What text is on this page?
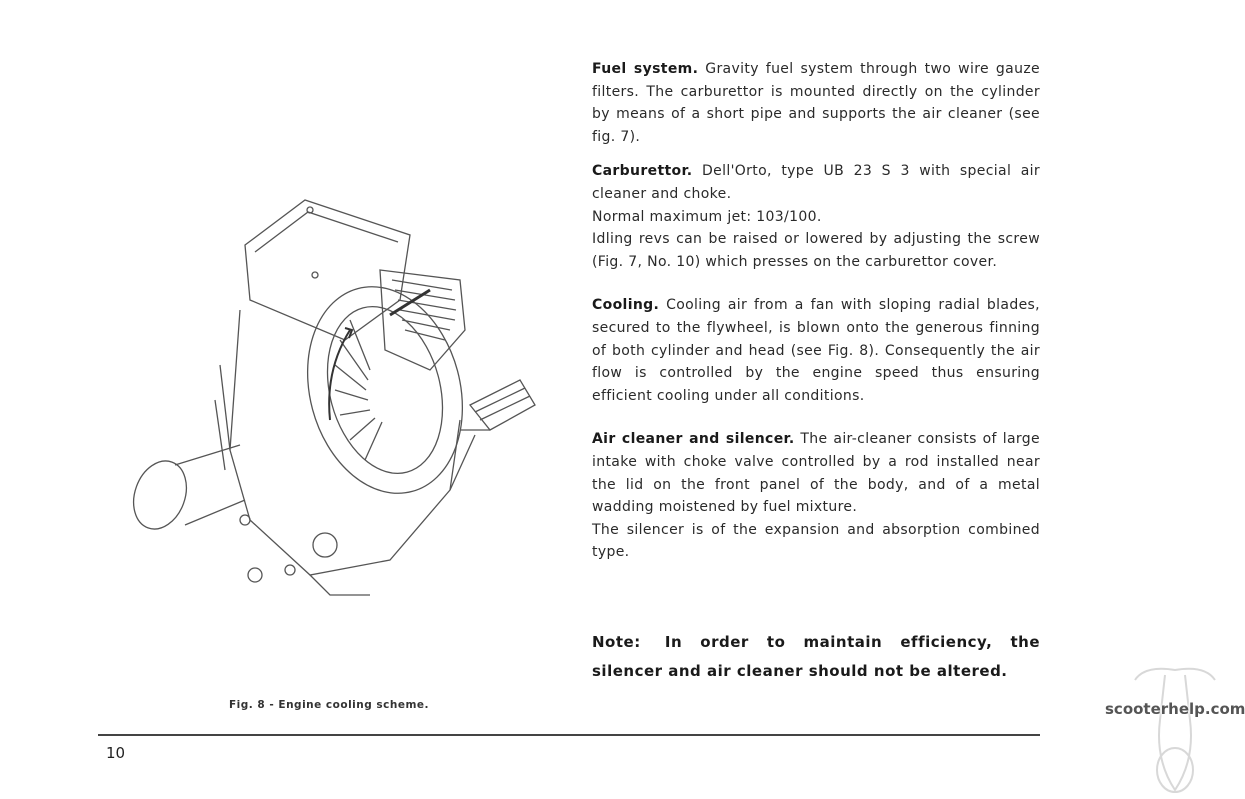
Fig. 8 - Engine cooling scheme.

Fuel system. Gravity fuel system through two wire gauze filters. The carburettor is mounted directly on the cylinder by means of a short pipe and supports the air cleaner (see fig. 7).

Carburettor. Dell'Orto, type UB 23 S 3 with special air cleaner and choke.

Normal maximum jet: 103/100.

Idling revs can be raised or lowered by adjusting the screw (Fig. 7, No. 10) which presses on the carburettor cover.

Cooling. Cooling air from a fan with sloping radial blades, secured to the flywheel, is blown onto the generous finning of both cylinder and head (see Fig. 8). Consequently the air flow is controlled by the engine speed thus ensuring efficient cooling under all conditions.

Air cleaner and silencer. The air-cleaner consists of large intake with choke valve controlled by a rod installed near the lid on the front panel of the body, and of a metal wadding moistened by fuel mixture.

The silencer is of the expansion and absorption combined type.

Note: In order to maintain efficiency, the silencer and air cleaner should not be altered.
10
scooterhelp.com
